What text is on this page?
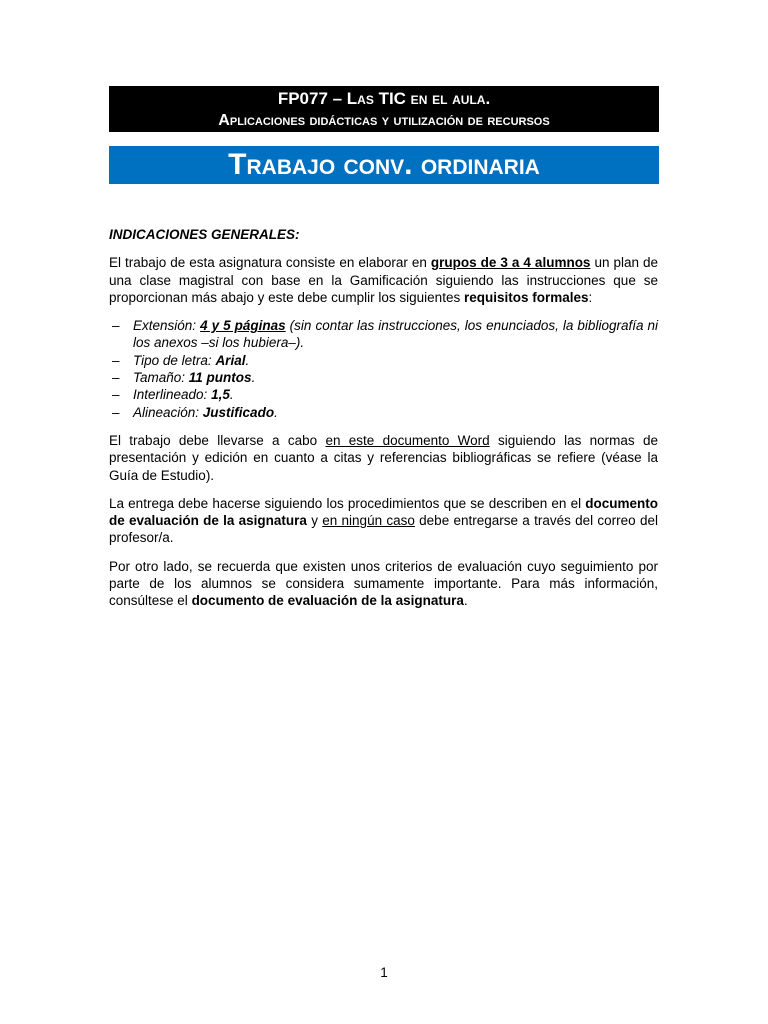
FP077 – Las TIC en el aula.
Aplicaciones didácticas y utilización de recursos
Trabajo conv. ordinaria
INDICACIONES GENERALES:

El trabajo de esta asignatura consiste en elaborar en grupos de 3 a 4 alumnos un plan de una clase magistral con base en la Gamificación siguiendo las instrucciones que se proporcionan más abajo y este debe cumplir los siguientes requisitos formales:

– Extensión: 4 y 5 páginas (sin contar las instrucciones, los enunciados, la bibliografía ni los anexos –si los hubiera–).
– Tipo de letra: Arial.
– Tamaño: 11 puntos.
– Interlineado: 1,5.
– Alineación: Justificado.

El trabajo debe llevarse a cabo en este documento Word siguiendo las normas de presentación y edición en cuanto a citas y referencias bibliográficas se refiere (véase la Guía de Estudio).

La entrega debe hacerse siguiendo los procedimientos que se describen en el documento de evaluación de la asignatura y en ningún caso debe entregarse a través del correo del profesor/a.

Por otro lado, se recuerda que existen unos criterios de evaluación cuyo seguimiento por parte de los alumnos se considera sumamente importante. Para más información, consúltese el documento de evaluación de la asignatura.

1
